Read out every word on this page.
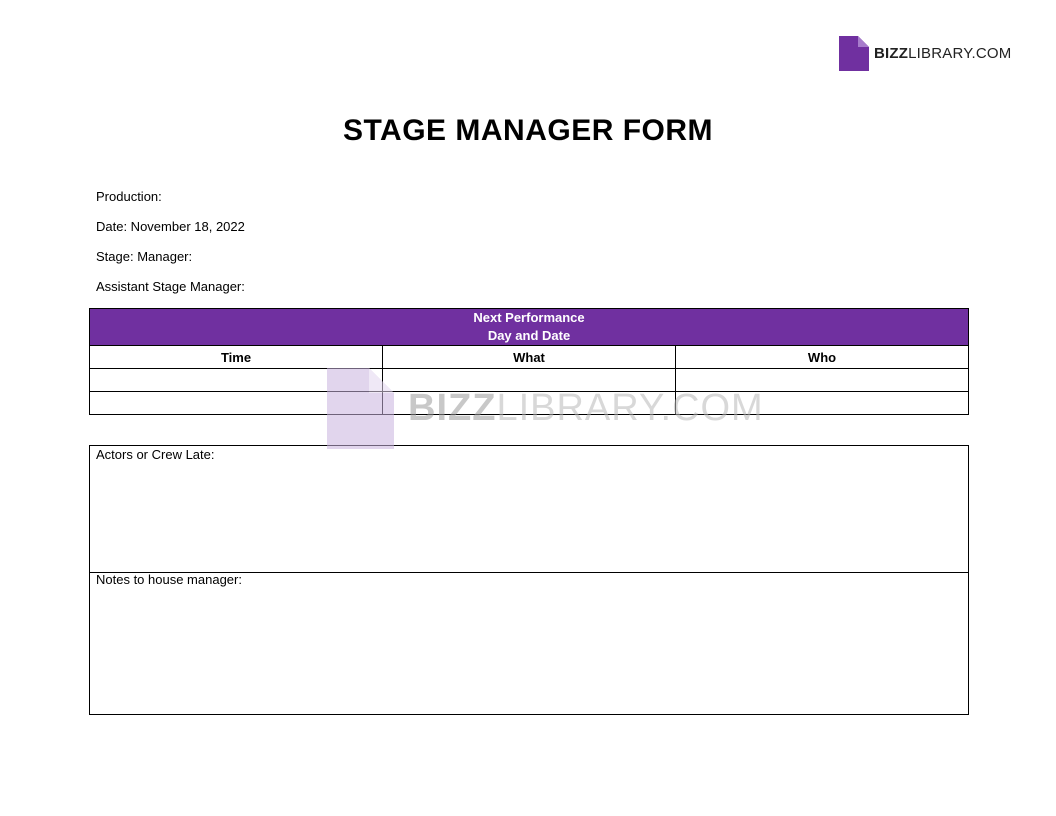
BIZZLIBRARY.COM
STAGE MANAGER FORM
Production:
Date: November 18, 2022
Stage: Manager:
Assistant Stage Manager:
Next Performance
Day and Date		

Time	What	Who

Actors or Crew Late:
Notes to house manager:
BIZZLIBRARY.COM
